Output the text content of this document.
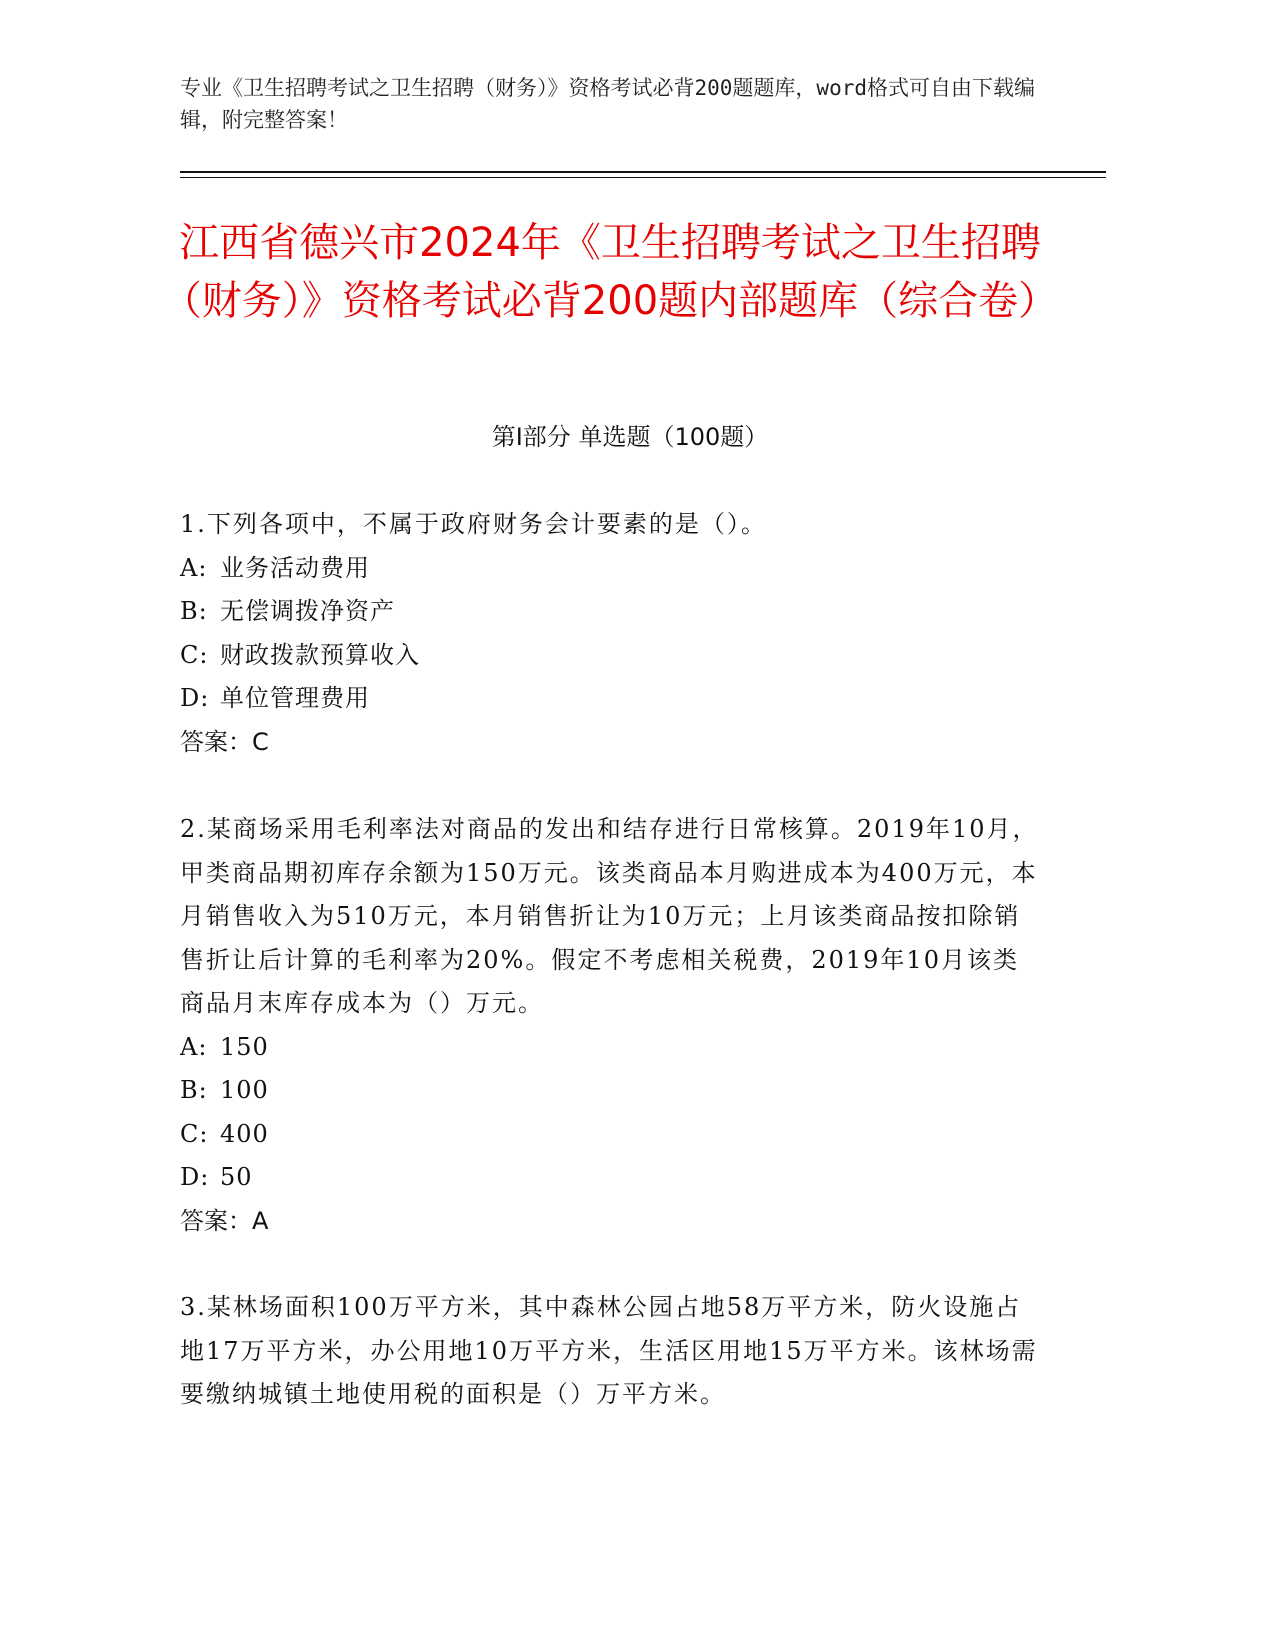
专业《卫生招聘考试之卫生招聘（财务）》资格考试必背200题题库，word格式可自由下载编辑，附完整答案！
江西省德兴市2024年《卫生招聘考试之卫生招聘（财务）》资格考试必背200题内部题库（综合卷）
第I部分 单选题（100题）

1.下列各项中，不属于政府财务会计要素的是（）。

A: 业务活动费用

B: 无偿调拨净资产

C: 财政拨款预算收入

D: 单位管理费用

答案：C

2.某商场采用毛利率法对商品的发出和结存进行日常核算。2019年10月，甲类商品期初库存余额为150万元。该类商品本月购进成本为400万元，本月销售收入为510万元，本月销售折让为10万元；上月该类商品按扣除销售折让后计算的毛利率为20%。假定不考虑相关税费，2019年10月该类商品月末库存成本为（）万元。

A: 150

B: 100

C: 400

D: 50

答案：A

3.某林场面积100万平方米，其中森林公园占地58万平方米，防火设施占地17万平方米，办公用地10万平方米，生活区用地15万平方米。该林场需要缴纳城镇土地使用税的面积是（）万平方米。
